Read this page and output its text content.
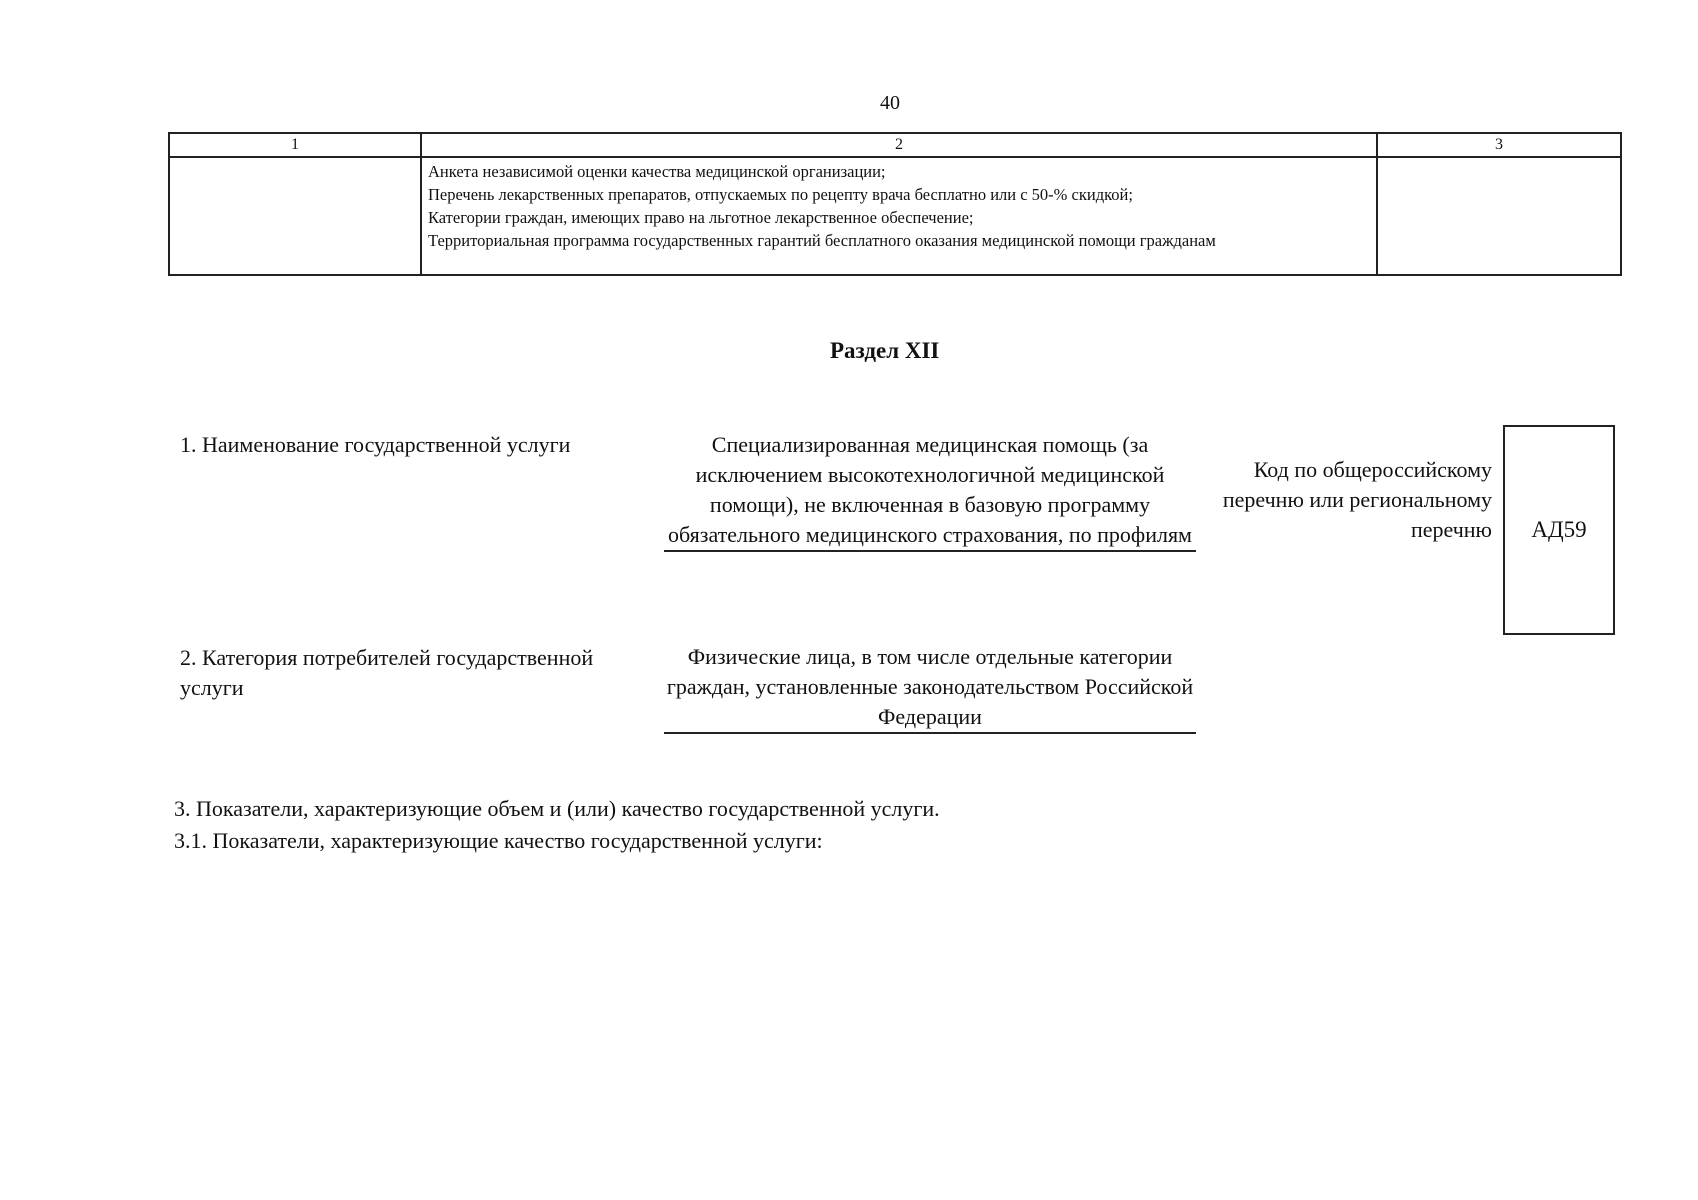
40
1	2	3

	Анкета независимой оценки качества медицинской организации;
Перечень лекарственных препаратов, отпускаемых по рецепту врача бесплатно или с 50-% скидкой;
Категории граждан, имеющих право на льготное лекарственное обеспечение;
Территориальная программа государственных гарантий бесплатного оказания медицинской помощи гражданам	

Раздел XII
1. Наименование государственной услуги	Специализированная медицинская помощь (за исключением высокотехнологичной медицинской помощи), не включенная в базовую программу обязательного медицинского страхования, по профилям
Код по общероссийскому перечню или региональному перечню АД59
2. Категория потребителей государственной услуги
Физические лица, в том числе отдельные категории граждан, установленные законодательством Российской Федерации
3. Показатели, характеризующие объем и (или) качество государственной услуги.
3.1. Показатели, характеризующие качество государственной услуги:
